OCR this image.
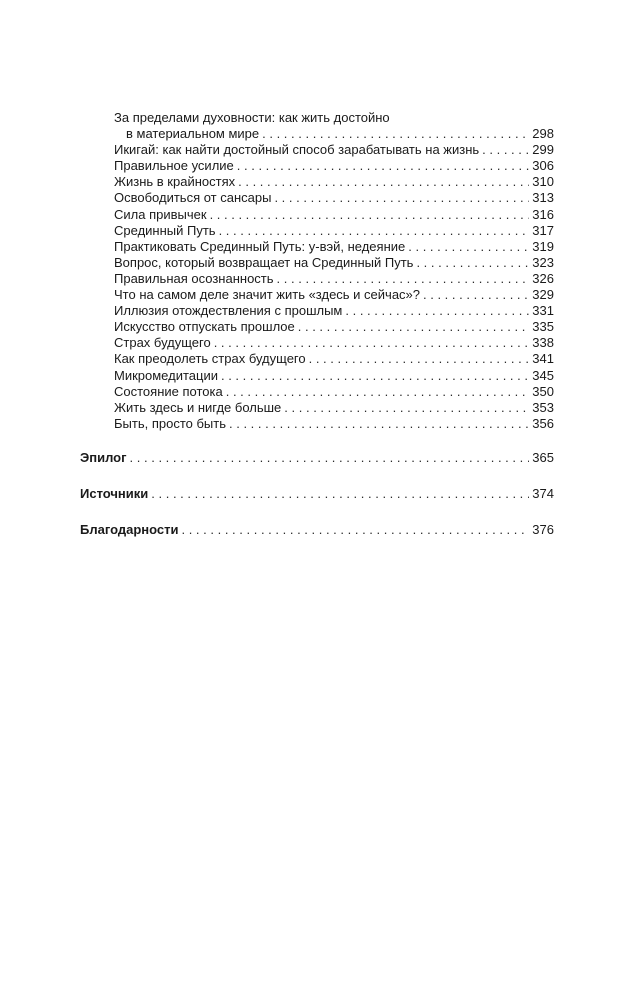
За пределами духовности: как жить достойно
в материальном мире . . .	298
Икигай: как найти достойный способ зарабатывать на жизнь . . .	299
Правильное усилие . . .	306
Жизнь в крайностях . . .	310
Освободиться от сансары . . .	313
Сила привычек . . .	316
Срединный Путь . . .	317
Практиковать Срединный Путь: у-вэй, недеяние . . .	319
Вопрос, который возвращает на Срединный Путь . . .	323
Правильная осознанность . . .	326
Что на самом деле значит жить «здесь и сейчас»? . . .	329
Иллюзия отождествления с прошлым . . .	331
Искусство отпускать прошлое . . .	335
Страх будущего . . .	338
Как преодолеть страх будущего . . .	341
Микромедитации . . .	345
Состояние потока . . .	350
Жить здесь и нигде больше . . .	353
Быть, просто быть . . .	356
Эпилог . . .	365
Источники . . .	374
Благодарности . . .	376
